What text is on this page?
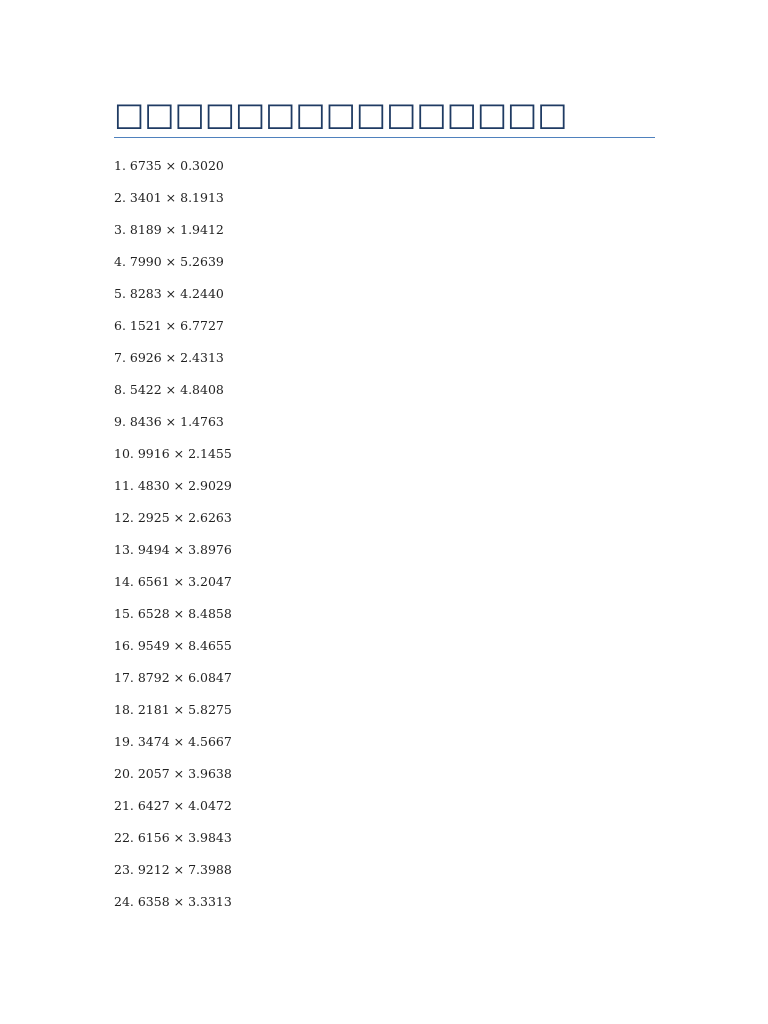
□□□□□□□□□□□□□□□
1. 6735 × 0.3020
2. 3401 × 8.1913
3. 8189 × 1.9412
4. 7990 × 5.2639
5. 8283 × 4.2440
6. 1521 × 6.7727
7. 6926 × 2.4313
8. 5422 × 4.8408
9. 8436 × 1.4763
10. 9916 × 2.1455
11. 4830 × 2.9029
12. 2925 × 2.6263
13. 9494 × 3.8976
14. 6561 × 3.2047
15. 6528 × 8.4858
16. 9549 × 8.4655
17. 8792 × 6.0847
18. 2181 × 5.8275
19. 3474 × 4.5667
20. 2057 × 3.9638
21. 6427 × 4.0472
22. 6156 × 3.9843
23. 9212 × 7.3988
24. 6358 × 3.3313
